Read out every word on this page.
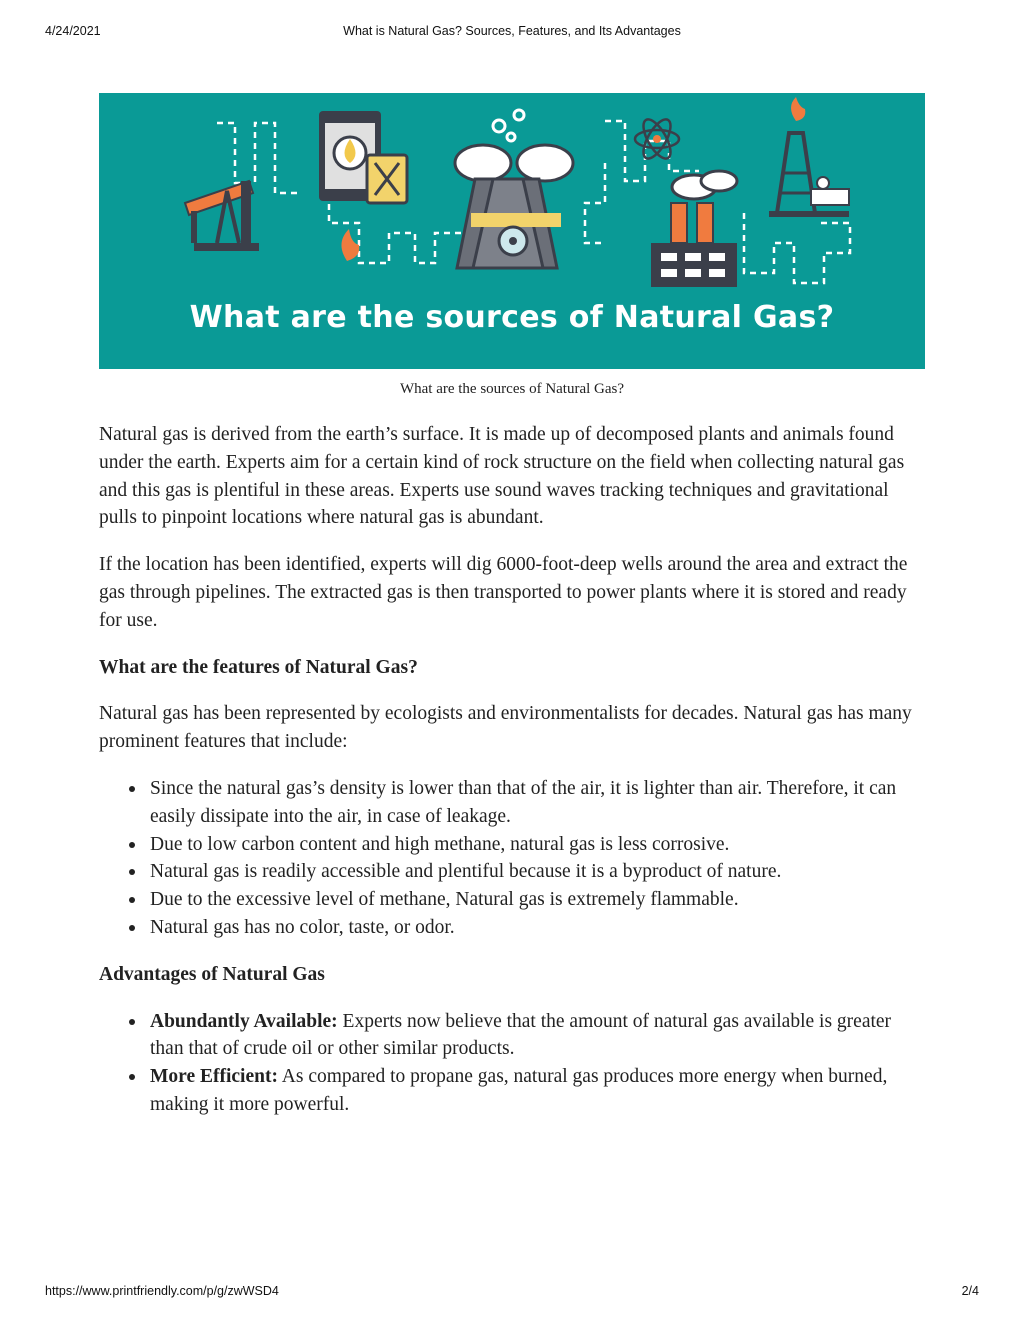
4/24/2021	What is Natural Gas? Sources, Features, and Its Advantages
What are the sources of Natural Gas?
What are the sources of Natural Gas?

Natural gas is derived from the earth’s surface. It is made up of decomposed plants and animals found under the earth. Experts aim for a certain kind of rock structure on the field when collecting natural gas and this gas is plentiful in these areas. Experts use sound waves tracking techniques and gravitational pulls to pinpoint locations where natural gas is abundant.

If the location has been identified, experts will dig 6000-foot-deep wells around the area and extract the gas through pipelines. The extracted gas is then transported to power plants where it is stored and ready for use.

What are the features of Natural Gas?

Natural gas has been represented by ecologists and environmentalists for decades. Natural gas has many prominent features that include:

Since the natural gas’s density is lower than that of the air, it is lighter than air. Therefore, it can easily dissipate into the air, in case of leakage.
Due to low carbon content and high methane, natural gas is less corrosive.
Natural gas is readily accessible and plentiful because it is a byproduct of nature.
Due to the excessive level of methane, Natural gas is extremely flammable.
Natural gas has no color, taste, or odor.
Advantages of Natural Gas
Abundantly Available: Experts now believe that the amount of natural gas available is greater than that of crude oil or other similar products.
More Efficient: As compared to propane gas, natural gas produces more energy when burned, making it more powerful.
https://www.printfriendly.com/p/g/zwWSD4	2/4
